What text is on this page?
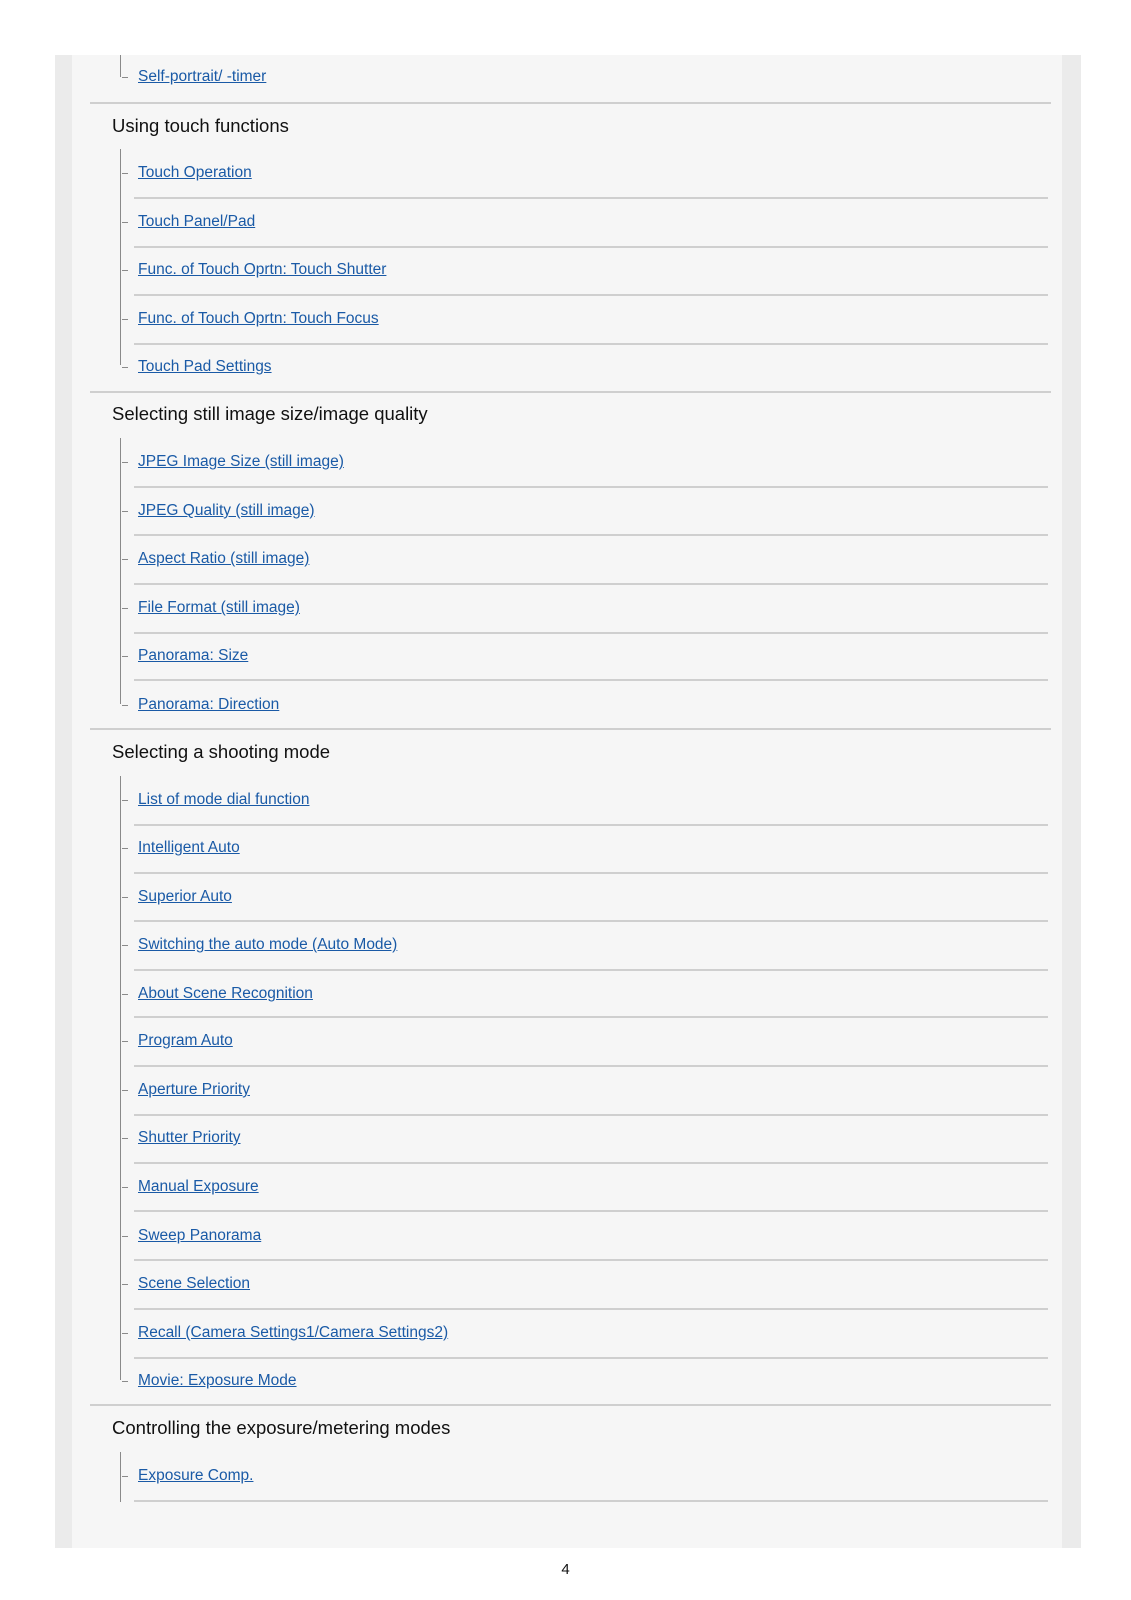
Self-portrait/ -timer
Using touch functions
Touch Operation
Touch Panel/Pad
Func. of Touch Oprtn: Touch Shutter
Func. of Touch Oprtn: Touch Focus
Touch Pad Settings
Selecting still image size/image quality
JPEG Image Size (still image)
JPEG Quality (still image)
Aspect Ratio (still image)
File Format (still image)
Panorama: Size
Panorama: Direction
Selecting a shooting mode
List of mode dial function
Intelligent Auto
Superior Auto
Switching the auto mode (Auto Mode)
About Scene Recognition
Program Auto
Aperture Priority
Shutter Priority
Manual Exposure
Sweep Panorama
Scene Selection
Recall (Camera Settings1/Camera Settings2)
Movie: Exposure Mode
Controlling the exposure/metering modes
Exposure Comp.
4
